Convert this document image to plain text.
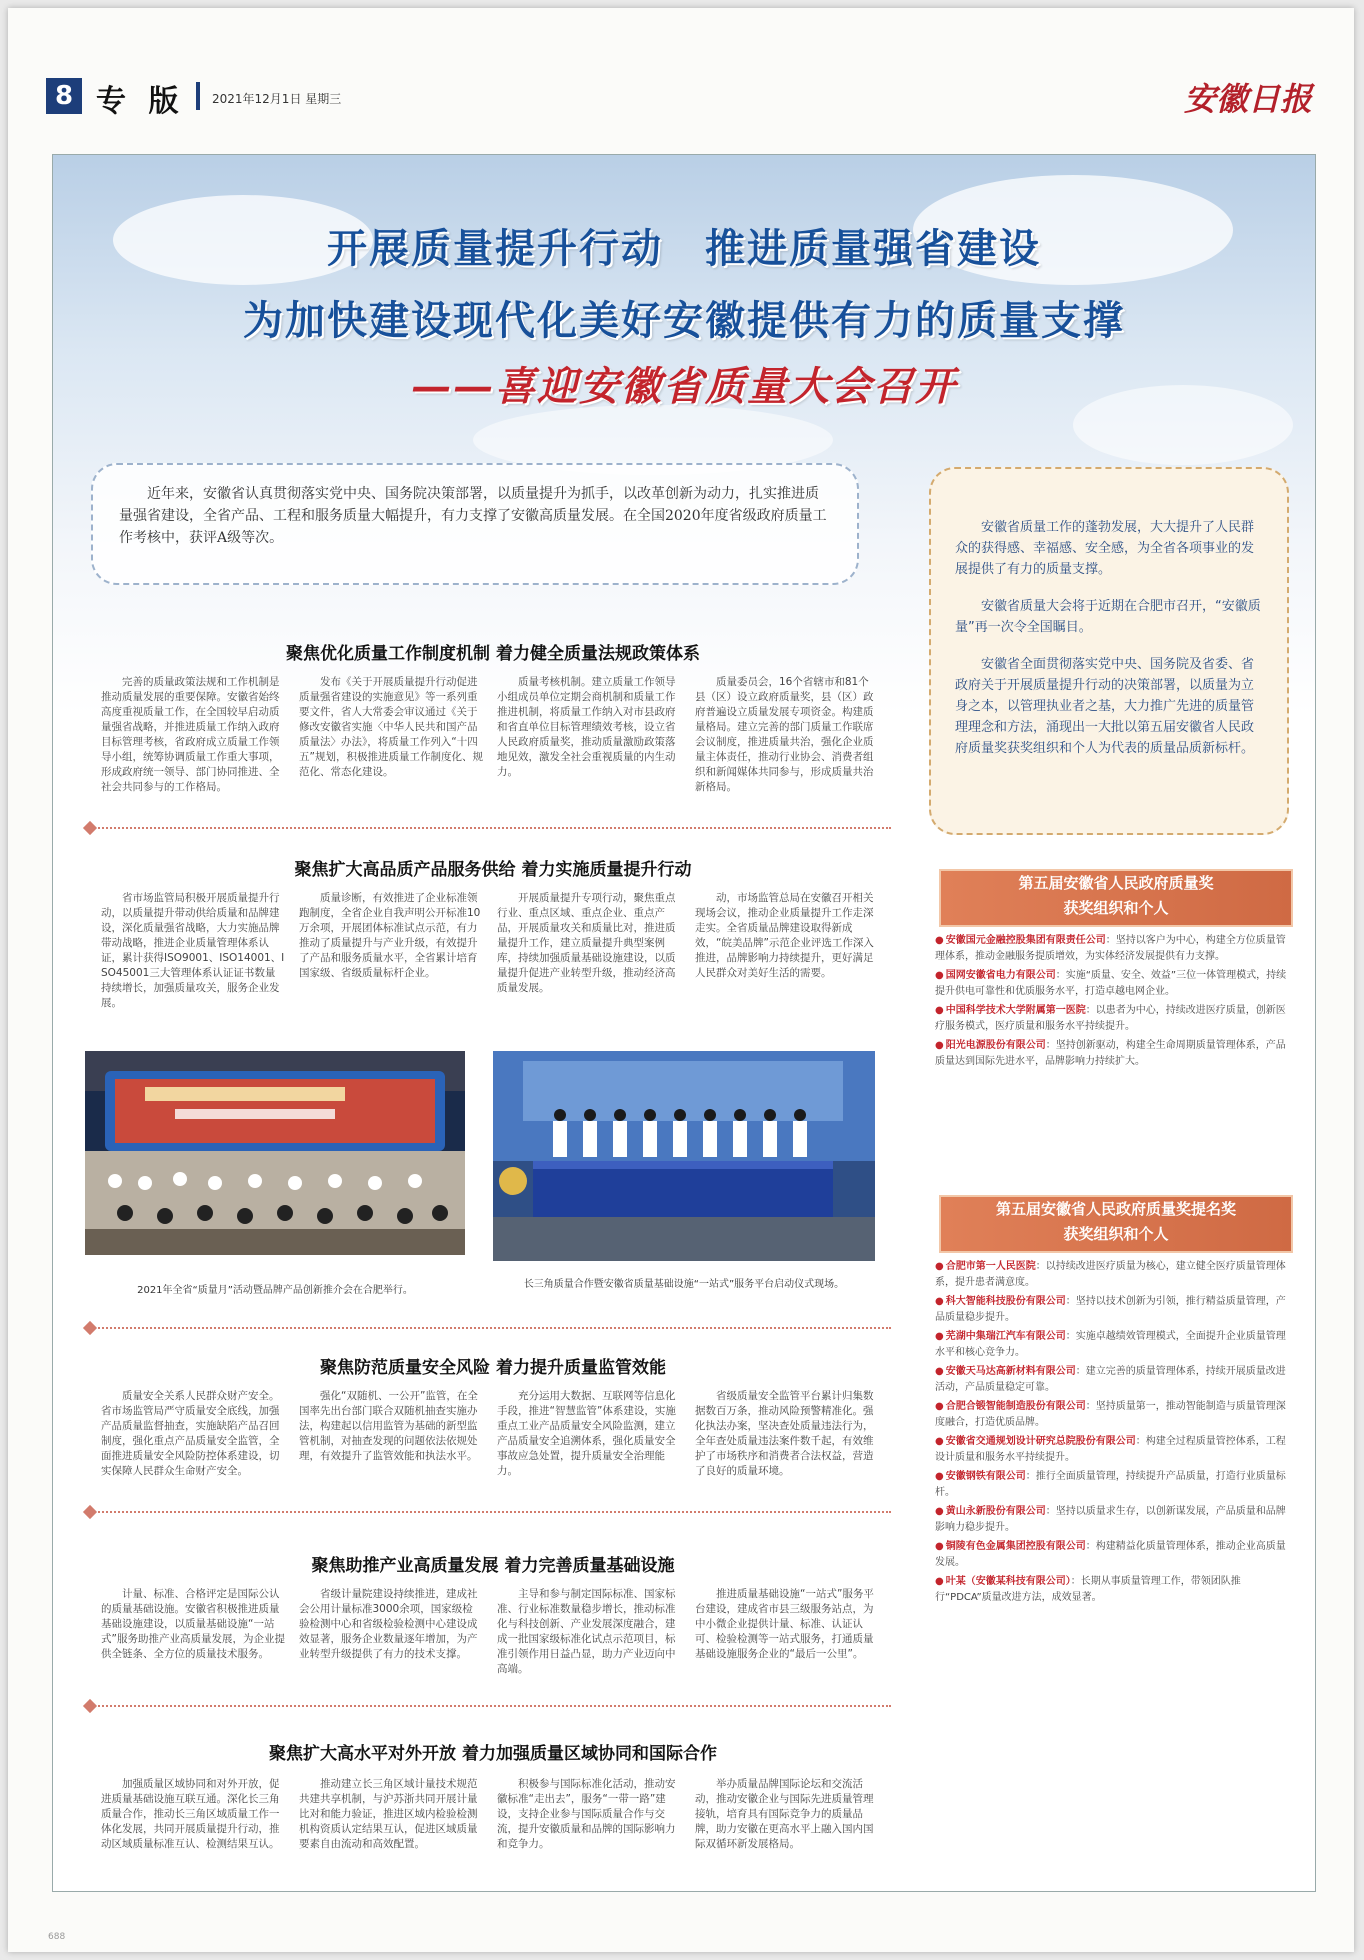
8 专 版 2021年12月1日 星期三	安徽日报
开展质量提升行动　推进质量强省建设
为加快建设现代化美好安徽提供有力的质量支撑
——喜迎安徽省质量大会召开
近年来，安徽省认真贯彻落实党中央、国务院决策部署，以质量提升为抓手，以改革创新为动力，扎实推进质量强省建设，全省产品、工程和服务质量大幅提升，有力支撑了安徽高质量发展。在全国2020年度省级政府质量工作考核中，获评A级等次。

安徽省质量工作的蓬勃发展，大大提升了人民群众的获得感、幸福感、安全感，为全省各项事业的发展提供了有力的质量支撑。

安徽省质量大会将于近期在合肥市召开，“安徽质量”再一次令全国瞩目。

安徽省全面贯彻落实党中央、国务院及省委、省政府关于开展质量提升行动的决策部署，以质量为立身之本，以管理执业者之基，大力推广先进的质量管理理念和方法，涌现出一大批以第五届安徽省人民政府质量奖获奖组织和个人为代表的质量品质新标杆。

聚焦优化质量工作制度机制 着力健全质量法规政策体系
完善的质量政策法规和工作机制是推动质量发展的重要保障。安徽省始终高度重视质量工作，在全国较早启动质量强省战略，并推进质量工作纳入政府目标管理考核，省政府成立质量工作领导小组，统筹协调质量工作重大事项，形成政府统一领导、部门协同推进、全社会共同参与的工作格局。
发布《关于开展质量提升行动促进质量强省建设的实施意见》等一系列重要文件，省人大常委会审议通过《关于修改安徽省实施〈中华人民共和国产品质量法〉办法》，将质量工作列入“十四五”规划，积极推进质量工作制度化、规范化、常态化建设。
质量考核机制。建立质量工作领导小组成员单位定期会商机制和质量工作推进机制，将质量工作纳入对市县政府和省直单位目标管理绩效考核，设立省人民政府质量奖，推动质量激励政策落地见效，激发全社会重视质量的内生动力。
质量委员会，16个省辖市和81个县（区）设立政府质量奖，县（区）政府普遍设立质量发展专项资金。构建质量格局。建立完善的部门质量工作联席会议制度，推进质量共治，强化企业质量主体责任，推动行业协会、消费者组织和新闻媒体共同参与，形成质量共治新格局。
聚焦扩大高品质产品服务供给 着力实施质量提升行动
省市场监管局积极开展质量提升行动，以质量提升带动供给质量和品牌建设，深化质量强省战略，大力实施品牌带动战略，推进企业质量管理体系认证，累计获得ISO9001、ISO14001、ISO45001三大管理体系认证证书数量持续增长，加强质量攻关，服务企业发展。
质量诊断，有效推进了企业标准领跑制度，全省企业自我声明公开标准10万余项，开展团体标准试点示范，有力推动了质量提升与产业升级，有效提升了产品和服务质量水平，全省累计培育国家级、省级质量标杆企业。
开展质量提升专项行动，聚焦重点行业、重点区域、重点企业、重点产品，开展质量攻关和质量比对，推进质量提升工作，建立质量提升典型案例库，持续加强质量基础设施建设，以质量提升促进产业转型升级，推动经济高质量发展。
动，市场监管总局在安徽召开相关现场会议，推动企业质量提升工作走深走实。全省质量品牌建设取得新成效，“皖美品牌”示范企业评选工作深入推进，品牌影响力持续提升，更好满足人民群众对美好生活的需要。
2021年全省“质量月”活动暨品牌产品创新推介会在合肥举行。
长三角质量合作暨安徽省质量基础设施“一站式”服务平台启动仪式现场。
聚焦防范质量安全风险 着力提升质量监管效能
质量安全关系人民群众财产安全。省市场监管局严守质量安全底线，加强产品质量监督抽查，实施缺陷产品召回制度，强化重点产品质量安全监管，全面推进质量安全风险防控体系建设，切实保障人民群众生命财产安全。
强化“双随机、一公开”监管，在全国率先出台部门联合双随机抽查实施办法，构建起以信用监管为基础的新型监管机制，对抽查发现的问题依法依规处理，有效提升了监管效能和执法水平。
充分运用大数据、互联网等信息化手段，推进“智慧监管”体系建设，实施重点工业产品质量安全风险监测，建立产品质量安全追溯体系，强化质量安全事故应急处置，提升质量安全治理能力。
省级质量安全监管平台累计归集数据数百万条，推动风险预警精准化。强化执法办案，坚决查处质量违法行为，全年查处质量违法案件数千起，有效维护了市场秩序和消费者合法权益，营造了良好的质量环境。
聚焦助推产业高质量发展 着力完善质量基础设施
计量、标准、合格评定是国际公认的质量基础设施。安徽省积极推进质量基础设施建设，以质量基础设施“一站式”服务助推产业高质量发展，为企业提供全链条、全方位的质量技术服务。
省级计量院建设持续推进，建成社会公用计量标准3000余项，国家级检验检测中心和省级检验检测中心建设成效显著，服务企业数量逐年增加，为产业转型升级提供了有力的技术支撑。
主导和参与制定国际标准、国家标准、行业标准数量稳步增长，推动标准化与科技创新、产业发展深度融合，建成一批国家级标准化试点示范项目，标准引领作用日益凸显，助力产业迈向中高端。
推进质量基础设施“一站式”服务平台建设，建成省市县三级服务站点，为中小微企业提供计量、标准、认证认可、检验检测等一站式服务，打通质量基础设施服务企业的“最后一公里”。
聚焦扩大高水平对外开放 着力加强质量区域协同和国际合作
加强质量区域协同和对外开放，促进质量基础设施互联互通。深化长三角质量合作，推动长三角区域质量工作一体化发展，共同开展质量提升行动，推动区域质量标准互认、检测结果互认。
推动建立长三角区域计量技术规范共建共享机制，与沪苏浙共同开展计量比对和能力验证，推进区域内检验检测机构资质认定结果互认，促进区域质量要素自由流动和高效配置。
积极参与国际标准化活动，推动安徽标准“走出去”，服务“一带一路”建设，支持企业参与国际质量合作与交流，提升安徽质量和品牌的国际影响力和竞争力。
举办质量品牌国际论坛和交流活动，推动安徽企业与国际先进质量管理接轨，培育具有国际竞争力的质量品牌，助力安徽在更高水平上融入国内国际双循环新发展格局。
第五届安徽省人民政府质量奖
获奖组织和个人
● 安徽国元金融控股集团有限责任公司：坚持以客户为中心，构建全方位质量管理体系，推动金融服务提质增效，为实体经济发展提供有力支撑。
● 国网安徽省电力有限公司：实施“质量、安全、效益”三位一体管理模式，持续提升供电可靠性和优质服务水平，打造卓越电网企业。
● 中国科学技术大学附属第一医院：以患者为中心，持续改进医疗质量，创新医疗服务模式，医疗质量和服务水平持续提升。
● 阳光电源股份有限公司：坚持创新驱动，构建全生命周期质量管理体系，产品质量达到国际先进水平，品牌影响力持续扩大。
第五届安徽省人民政府质量奖提名奖
获奖组织和个人
● 合肥市第一人民医院：以持续改进医疗质量为核心，建立健全医疗质量管理体系，提升患者满意度。
● 科大智能科技股份有限公司：坚持以技术创新为引领，推行精益质量管理，产品质量稳步提升。
● 芜湖中集瑞江汽车有限公司：实施卓越绩效管理模式，全面提升企业质量管理水平和核心竞争力。
● 安徽天马达高新材料有限公司：建立完善的质量管理体系，持续开展质量改进活动，产品质量稳定可靠。
● 合肥合锻智能制造股份有限公司：坚持质量第一，推动智能制造与质量管理深度融合，打造优质品牌。
● 安徽省交通规划设计研究总院股份有限公司：构建全过程质量管控体系，工程设计质量和服务水平持续提升。
● 安徽钢铁有限公司：推行全面质量管理，持续提升产品质量，打造行业质量标杆。
● 黄山永新股份有限公司：坚持以质量求生存，以创新谋发展，产品质量和品牌影响力稳步提升。
● 铜陵有色金属集团控股有限公司：构建精益化质量管理体系，推动企业高质量发展。
● 叶某（安徽某科技有限公司）：长期从事质量管理工作，带领团队推行“PDCA”质量改进方法，成效显著。
688
